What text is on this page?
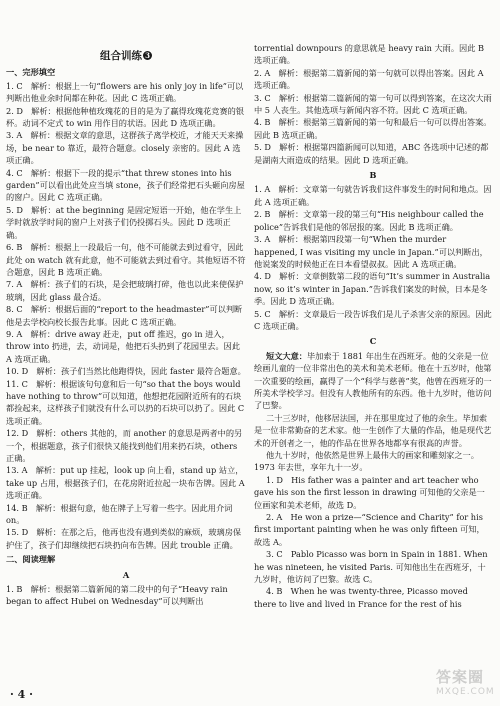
组合训练 3
一、完形填空

1. C　解析：根据上一句“flowers are his only joy in life”可以判断出他业余时间都在种花。因此 C 选项正确。

2. D　解析：根据他种植玫瑰花的目的是为了赢得玫瑰花竞赛的银杯。动词不定式 to win 用作目的状语。因此 D 选项正确。

3. A　解析：根据文章的意思，这群孩子离学校近，才能天天来操场，be near to 靠近，最符合题意。closely 亲密的。因此 A 选项正确。

4. C　解析：根据下一段的提示“that threw stones into his garden”可以看出此处应当填 stone，孩子们经常把石头砸向房屋的窗户。因此 C 选项正确。

5. D　解析：at the beginning 是固定短语一开始，他在学生上学时就放学时间的窗户上对孩子们仍投掷石头。因此 D 选项正确。

6. B　解析：根据上一段最后一句，他不可能就去到过看守，因此此处 on watch 就有此意，他不可能就去到过看守。其他短语不符合题意，因此 B 选项正确。

7. A　解析：孩子们的石块，是会把玻璃打碎，他也以此来使保护玻璃，因此 glass 最合适。

8. C　解析：根据后面的“report to the headmaster”可以判断他是去学校向校长报告此事。因此 C 选项正确。

9. A　解析：drive away 赶走，put off 推迟，go in 进入，throw into 扔进，去，动词是，他把石头扔到了花园里去。因此 A 选项正确。

10. D　解析：孩子们当然比他跑得快，因此 faster 最符合题意。

11. C　解析：根据该句句意和后一句“so that the boys would have nothing to throw”可以知道，他想把花园附近所有的石块都捡起来，这样孩子们就没有什么可以扔的石块可以扔了。因此 C 选项正确。

12. D　解析：others 其他的，而 another 的意思是两者中的另一个，根据题意，孩子们很快又能找到他们用来扔石块，others 正确。

13. A　解析：put up 挂起，look up 向上看，stand up 站立，take up 占用，根据孩子们，在花房附近拉起一块布告牌。因此 A 选项正确。

14. B　解析：根据句意，他在牌子上写着一些字。因此用介词 on。

15. D　解析：在那之后，他再也没有遇到类似的麻烦，玻璃房保护住了，孩子们却继续把石块扔向布告牌。因此 trouble 正确。

二、阅读理解
A

1. B　解析：根据第二篇新闻的第二段中的句子“Heavy rain began to affect Hubei on Wednesday”可以判断出

torrential downpours 的意思就是 heavy rain 大雨。因此 B 选项正确。

2. A　解析：根据第二篇新闻的第一句就可以得出答案。因此 A 选项正确。

3. C　解析：根据第二篇新闻的第一句可以得到答案，在这次大雨中 5 人丧生。其他选项与新闻内容不符。因此 C 选项正确。

4. B　解析：根据第三篇新闻的第一句和最后一句可以得出答案。因此 B 选项正确。

5. D　解析：根据第四篇新闻可以知道，ABC 各选项中记述的都是湖南大雨造成的结果。因此 D 选项正确。

B

1. A　解析：文章第一句就告诉我们这件事发生的时间和地点。因此 A 选项正确。

2. B　解析：文章第一段的第三句“His neighbour called the police”告诉我们是他的邻居报的案。因此 B 选项正确。

3. A　解析：根据第四段第一句“When the murder happened, I was visiting my uncle in Japan.”可以判断出，他说案发的时候他正在日本看望叔叔。因此 A 选项正确。

4. D　解析：文章倒数第二段的语句“It’s summer in Australia now, so it’s winter in Japan.”告诉我们案发的时候，日本是冬季。因此 D 选项正确。

5. C　解析：文章最后一段告诉我们是儿子杀害父亲的原因。因此 C 选项正确。

C

短文大意：毕加索于 1881 年出生在西班牙。他的父亲是一位绘画儿童的一位非常出色的美术和美术老师。他在十五岁时，他第一次重要的绘画，赢得了一个“科学与慈善”奖，他曾在西班牙的一所美术学校学习。但没有人教他所有的东西。他十九岁时，他访问了巴黎。

二十三岁时，他移居法国，并在那里度过了他的余生。毕加索是一位非常勤奋的艺术家。他一生创作了大量的作品，他是现代艺术的开创者之一，他的作品在世界各地都享有很高的声誉。

他九十岁时，他依然是世界上最伟大的画家和雕刻家之一。1973 年去世，享年九十一岁。

1. D　His father was a painter and art teacher who gave his son the first lesson in drawing 可知他的父亲是一位画家和美术老师，故选 D。

2. A　He won a prize—“Science and Charity” for his first important painting when he was only fifteen 可知，故选 A。

3. C　Pablo Picasso was born in Spain in 1881. When he was nineteen, he visited Paris. 可知他出生在西班牙，十九岁时，他访问了巴黎。故选 C。

4. B　When he was twenty-three, Picasso moved there to live and lived in France for the rest of his

· 4 ·
答案圈
MXQE.COM
